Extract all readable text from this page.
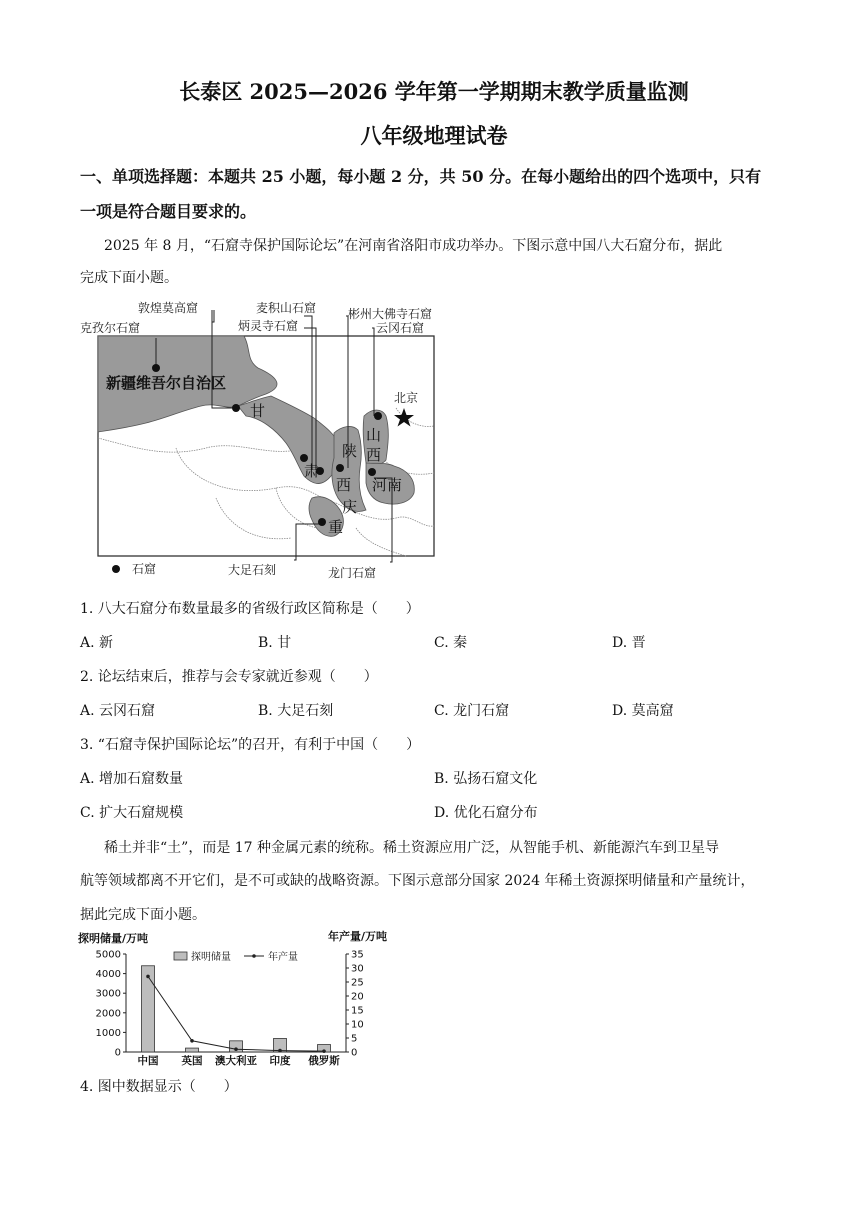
长泰区 2025—2026 学年第一学期期末教学质量监测
八年级地理试卷
一、单项选择题：本题共 25 小题，每小题 2 分，共 50 分。在每小题给出的四个选项中，只有
一项是符合题目要求的。
2025 年 8 月，“石窟寺保护国际论坛”在河南省洛阳市成功举办。下图示意中国八大石窟分布，据此
完成下面小题。
敦煌莫高窟
克孜尔石窟
麦积山石窟
炳灵寺石窟
彬州大佛寺石窟
云冈石窟
大足石刻	龙门石窟
新疆维吾尔自治区
甘
肃
陕
西
山
西
河南
重
庆
北京
石窟
1. 八大石窟分布数量最多的省级行政区简称是（　　）
A. 新	B. 甘	C. 秦	D. 晋
2. 论坛结束后，推荐与会专家就近参观（　　）
A. 云冈石窟	B. 大足石刻	C. 龙门石窟	D. 莫高窟
3. “石窟寺保护国际论坛”的召开，有利于中国（　　）
A. 增加石窟数量	B. 弘扬石窟文化
C. 扩大石窟规模	D. 优化石窟分布
稀土并非“土”，而是 17 种金属元素的统称。稀土资源应用广泛，从智能手机、新能源汽车到卫星导
航等领域都离不开它们，是不可或缺的战略资源。下图示意部分国家 2024 年稀土资源探明储量和产量统计，
据此完成下面小题。
探明储量/万吨	年产量/万吨
0
1000
2000
3000
4000
5000
0
5
10
15
20
25
30
35
中国 英国 澳大利亚 印度 俄罗斯
探明储量	年产量
4. 图中数据显示（　　）
